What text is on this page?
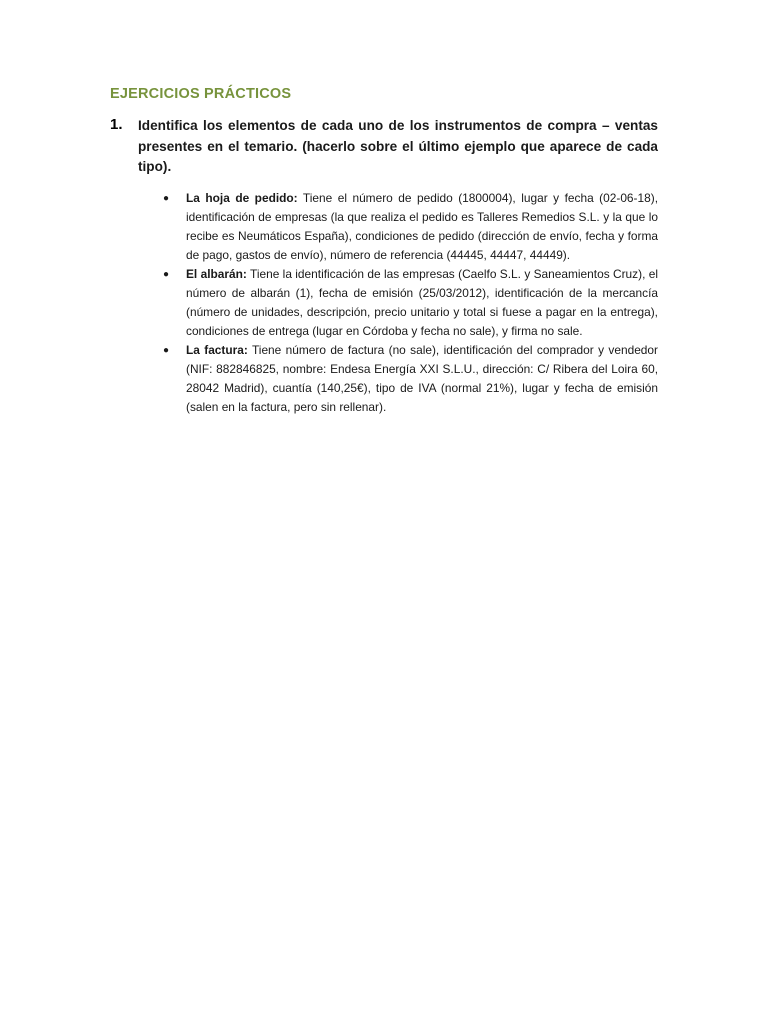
EJERCICIOS PRÁCTICOS
1. Identifica los elementos de cada uno de los instrumentos de compra – ventas presentes en el temario. (hacerlo sobre el último ejemplo que aparece de cada tipo).

● La hoja de pedido: Tiene el número de pedido (1800004), lugar y fecha (02-06-18), identificación de empresas (la que realiza el pedido es Talleres Remedios S.L. y la que lo recibe es Neumáticos España), condiciones de pedido (dirección de envío, fecha y forma de pago, gastos de envío), número de referencia (44445, 44447, 44449).
● El albarán: Tiene la identificación de las empresas (Caelfo S.L. y Saneamientos Cruz), el número de albarán (1), fecha de emisión (25/03/2012), identificación de la mercancía (número de unidades, descripción, precio unitario y total si fuese a pagar en la entrega), condiciones de entrega (lugar en Córdoba y fecha no sale), y firma no sale.
● La factura: Tiene número de factura (no sale), identificación del comprador y vendedor (NIF: 882846825, nombre: Endesa Energía XXI S.L.U., dirección: C/ Ribera del Loira 60, 28042 Madrid), cuantía (140,25€), tipo de IVA (normal 21%), lugar y fecha de emisión (salen en la factura, pero sin rellenar).
